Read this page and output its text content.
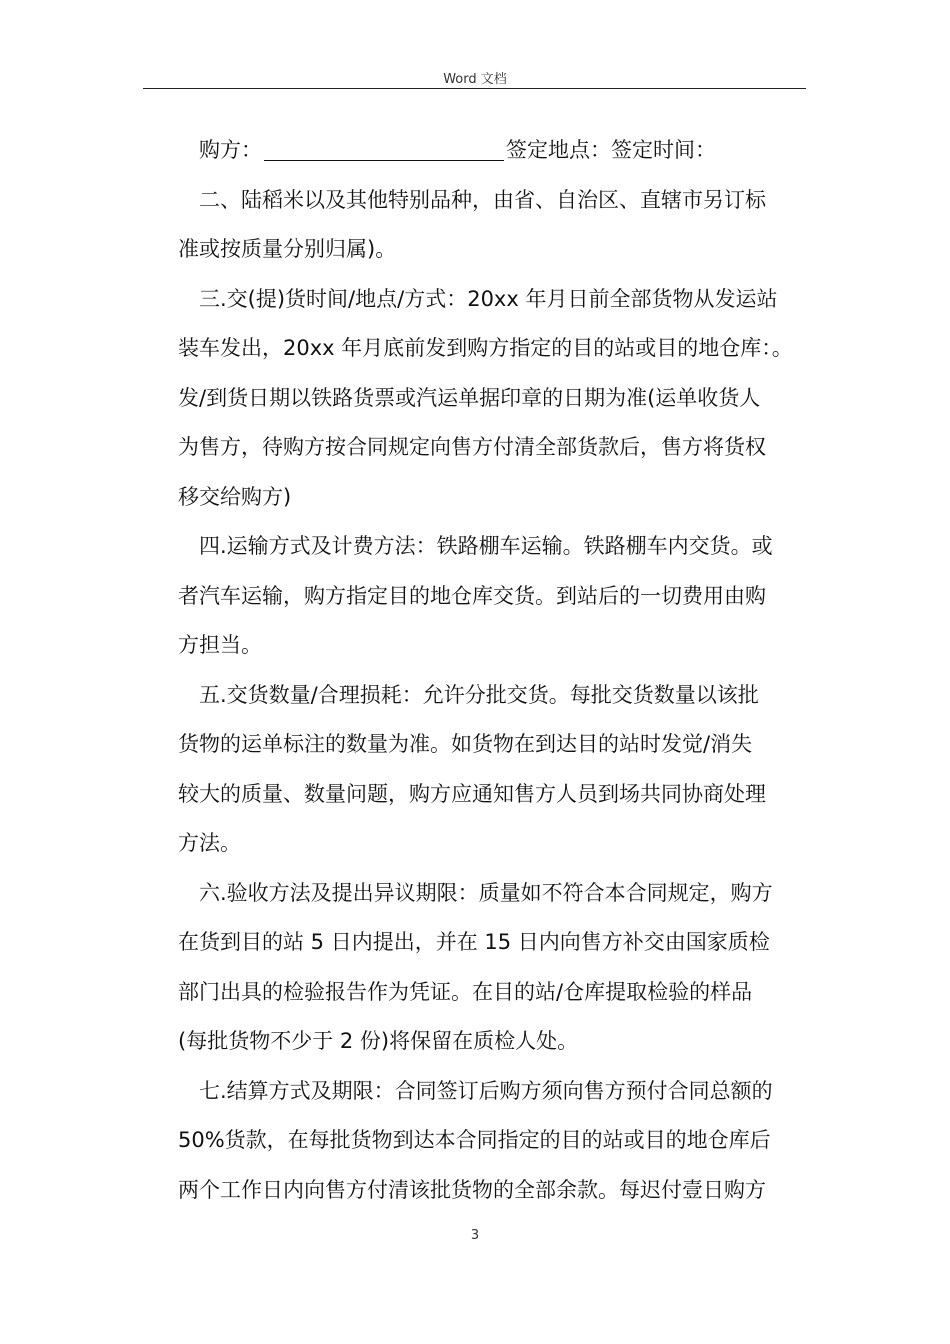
Word 文档

购方：	签定地点：签定时间：

二、陆稻米以及其他特别品种，由省、自治区、直辖市另订标
准或按质量分别归属)。

三.交(提)货时间/地点/方式：20xx 年月日前全部货物从发运站
装车发出，20xx 年月底前发到购方指定的目的站或目的地仓库：。
发/到货日期以铁路货票或汽运单据印章的日期为准(运单收货人
为售方，待购方按合同规定向售方付清全部货款后，售方将货权
移交给购方)

四.运输方式及计费方法：铁路棚车运输。铁路棚车内交货。或
者汽车运输，购方指定目的地仓库交货。到站后的一切费用由购
方担当。

五.交货数量/合理损耗：允许分批交货。每批交货数量以该批
货物的运单标注的数量为准。如货物在到达目的站时发觉/消失
较大的质量、数量问题，购方应通知售方人员到场共同协商处理
方法。

六.验收方法及提出异议期限：质量如不符合本合同规定，购方
在货到目的站 5 日内提出，并在 15 日内向售方补交由国家质检
部门出具的检验报告作为凭证。在目的站/仓库提取检验的样品
(每批货物不少于 2 份)将保留在质检人处。

七.结算方式及期限：合同签订后购方须向售方预付合同总额的
50%货款，在每批货物到达本合同指定的目的站或目的地仓库后
两个工作日内向售方付清该批货物的全部余款。每迟付壹日购方

3
